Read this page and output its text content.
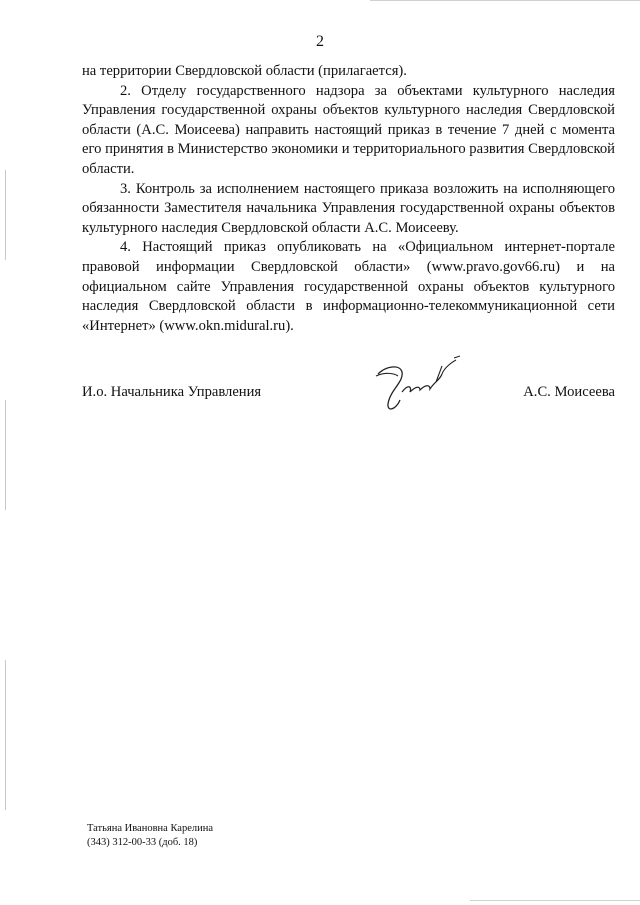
2

на территории Свердловской области (прилагается).

2. Отделу государственного надзора за объектами культурного наследия Управления государственной охраны объектов культурного наследия Свердловской области (А.С. Моисеева) направить настоящий приказ в течение 7 дней с момента его принятия в Министерство экономики и территориального развития Свердловской области.

3. Контроль за исполнением настоящего приказа возложить на исполняющего обязанности Заместителя начальника Управления государственной охраны объектов культурного наследия Свердловской области А.С. Моисееву.

4. Настоящий приказ опубликовать на «Официальном интернет-портале правовой информации Свердловской области» (www.pravo.gov66.ru) и на официальном сайте Управления государственной охраны объектов культурного наследия Свердловской области в информационно-телекоммуникационной сети «Интернет» (www.okn.midural.ru).

И.о. Начальника Управления	А.С. Моисеева
Татьяна Ивановна Карелина
(343) 312-00-33 (доб. 18)
